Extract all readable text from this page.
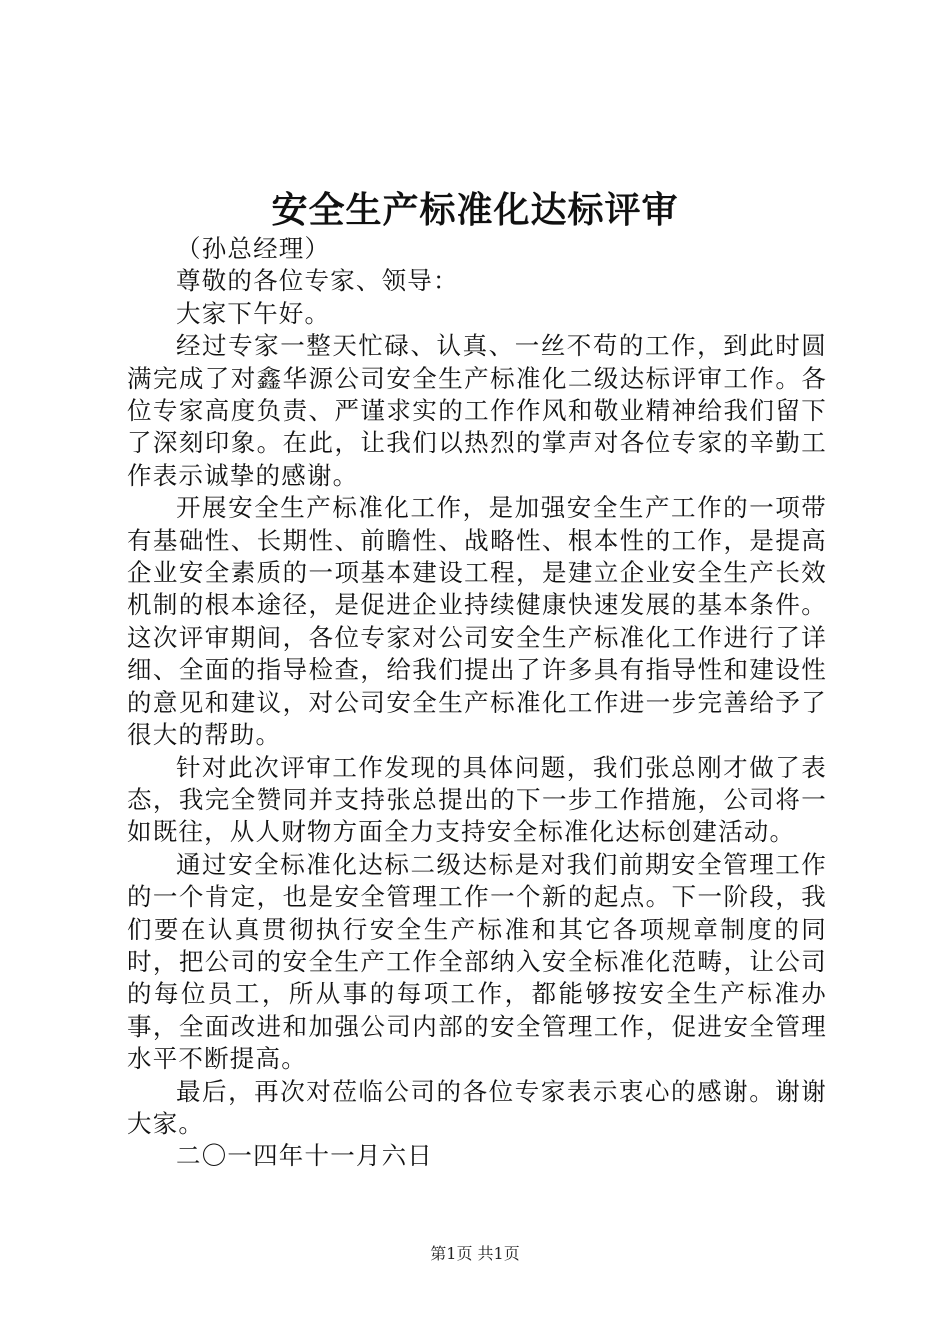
安全生产标准化达标评审

（孙总经理）

尊敬的各位专家、领导：

大家下午好。

经过专家一整天忙碌、认真、一丝不苟的工作，到此时圆满完成了对鑫华源公司安全生产标准化二级达标评审工作。各位专家高度负责、严谨求实的工作作风和敬业精神给我们留下了深刻印象。在此，让我们以热烈的掌声对各位专家的辛勤工作表示诚挚的感谢。

开展安全生产标准化工作，是加强安全生产工作的一项带有基础性、长期性、前瞻性、战略性、根本性的工作，是提高企业安全素质的一项基本建设工程，是建立企业安全生产长效机制的根本途径，是促进企业持续健康快速发展的基本条件。这次评审期间，各位专家对公司安全生产标准化工作进行了详细、全面的指导检查，给我们提出了许多具有指导性和建设性的意见和建议，对公司安全生产标准化工作进一步完善给予了很大的帮助。

针对此次评审工作发现的具体问题，我们张总刚才做了表态，我完全赞同并支持张总提出的下一步工作措施，公司将一如既往，从人财物方面全力支持安全标准化达标创建活动。

通过安全标准化达标二级达标是对我们前期安全管理工作的一个肯定，也是安全管理工作一个新的起点。下一阶段，我们要在认真贯彻执行安全生产标准和其它各项规章制度的同时，把公司的安全生产工作全部纳入安全标准化范畴，让公司的每位员工，所从事的每项工作，都能够按安全生产标准办事，全面改进和加强公司内部的安全管理工作，促进安全管理水平不断提高。

最后，再次对莅临公司的各位专家表示衷心的感谢。谢谢大家。

二〇一四年十一月六日

第1页 共1页
